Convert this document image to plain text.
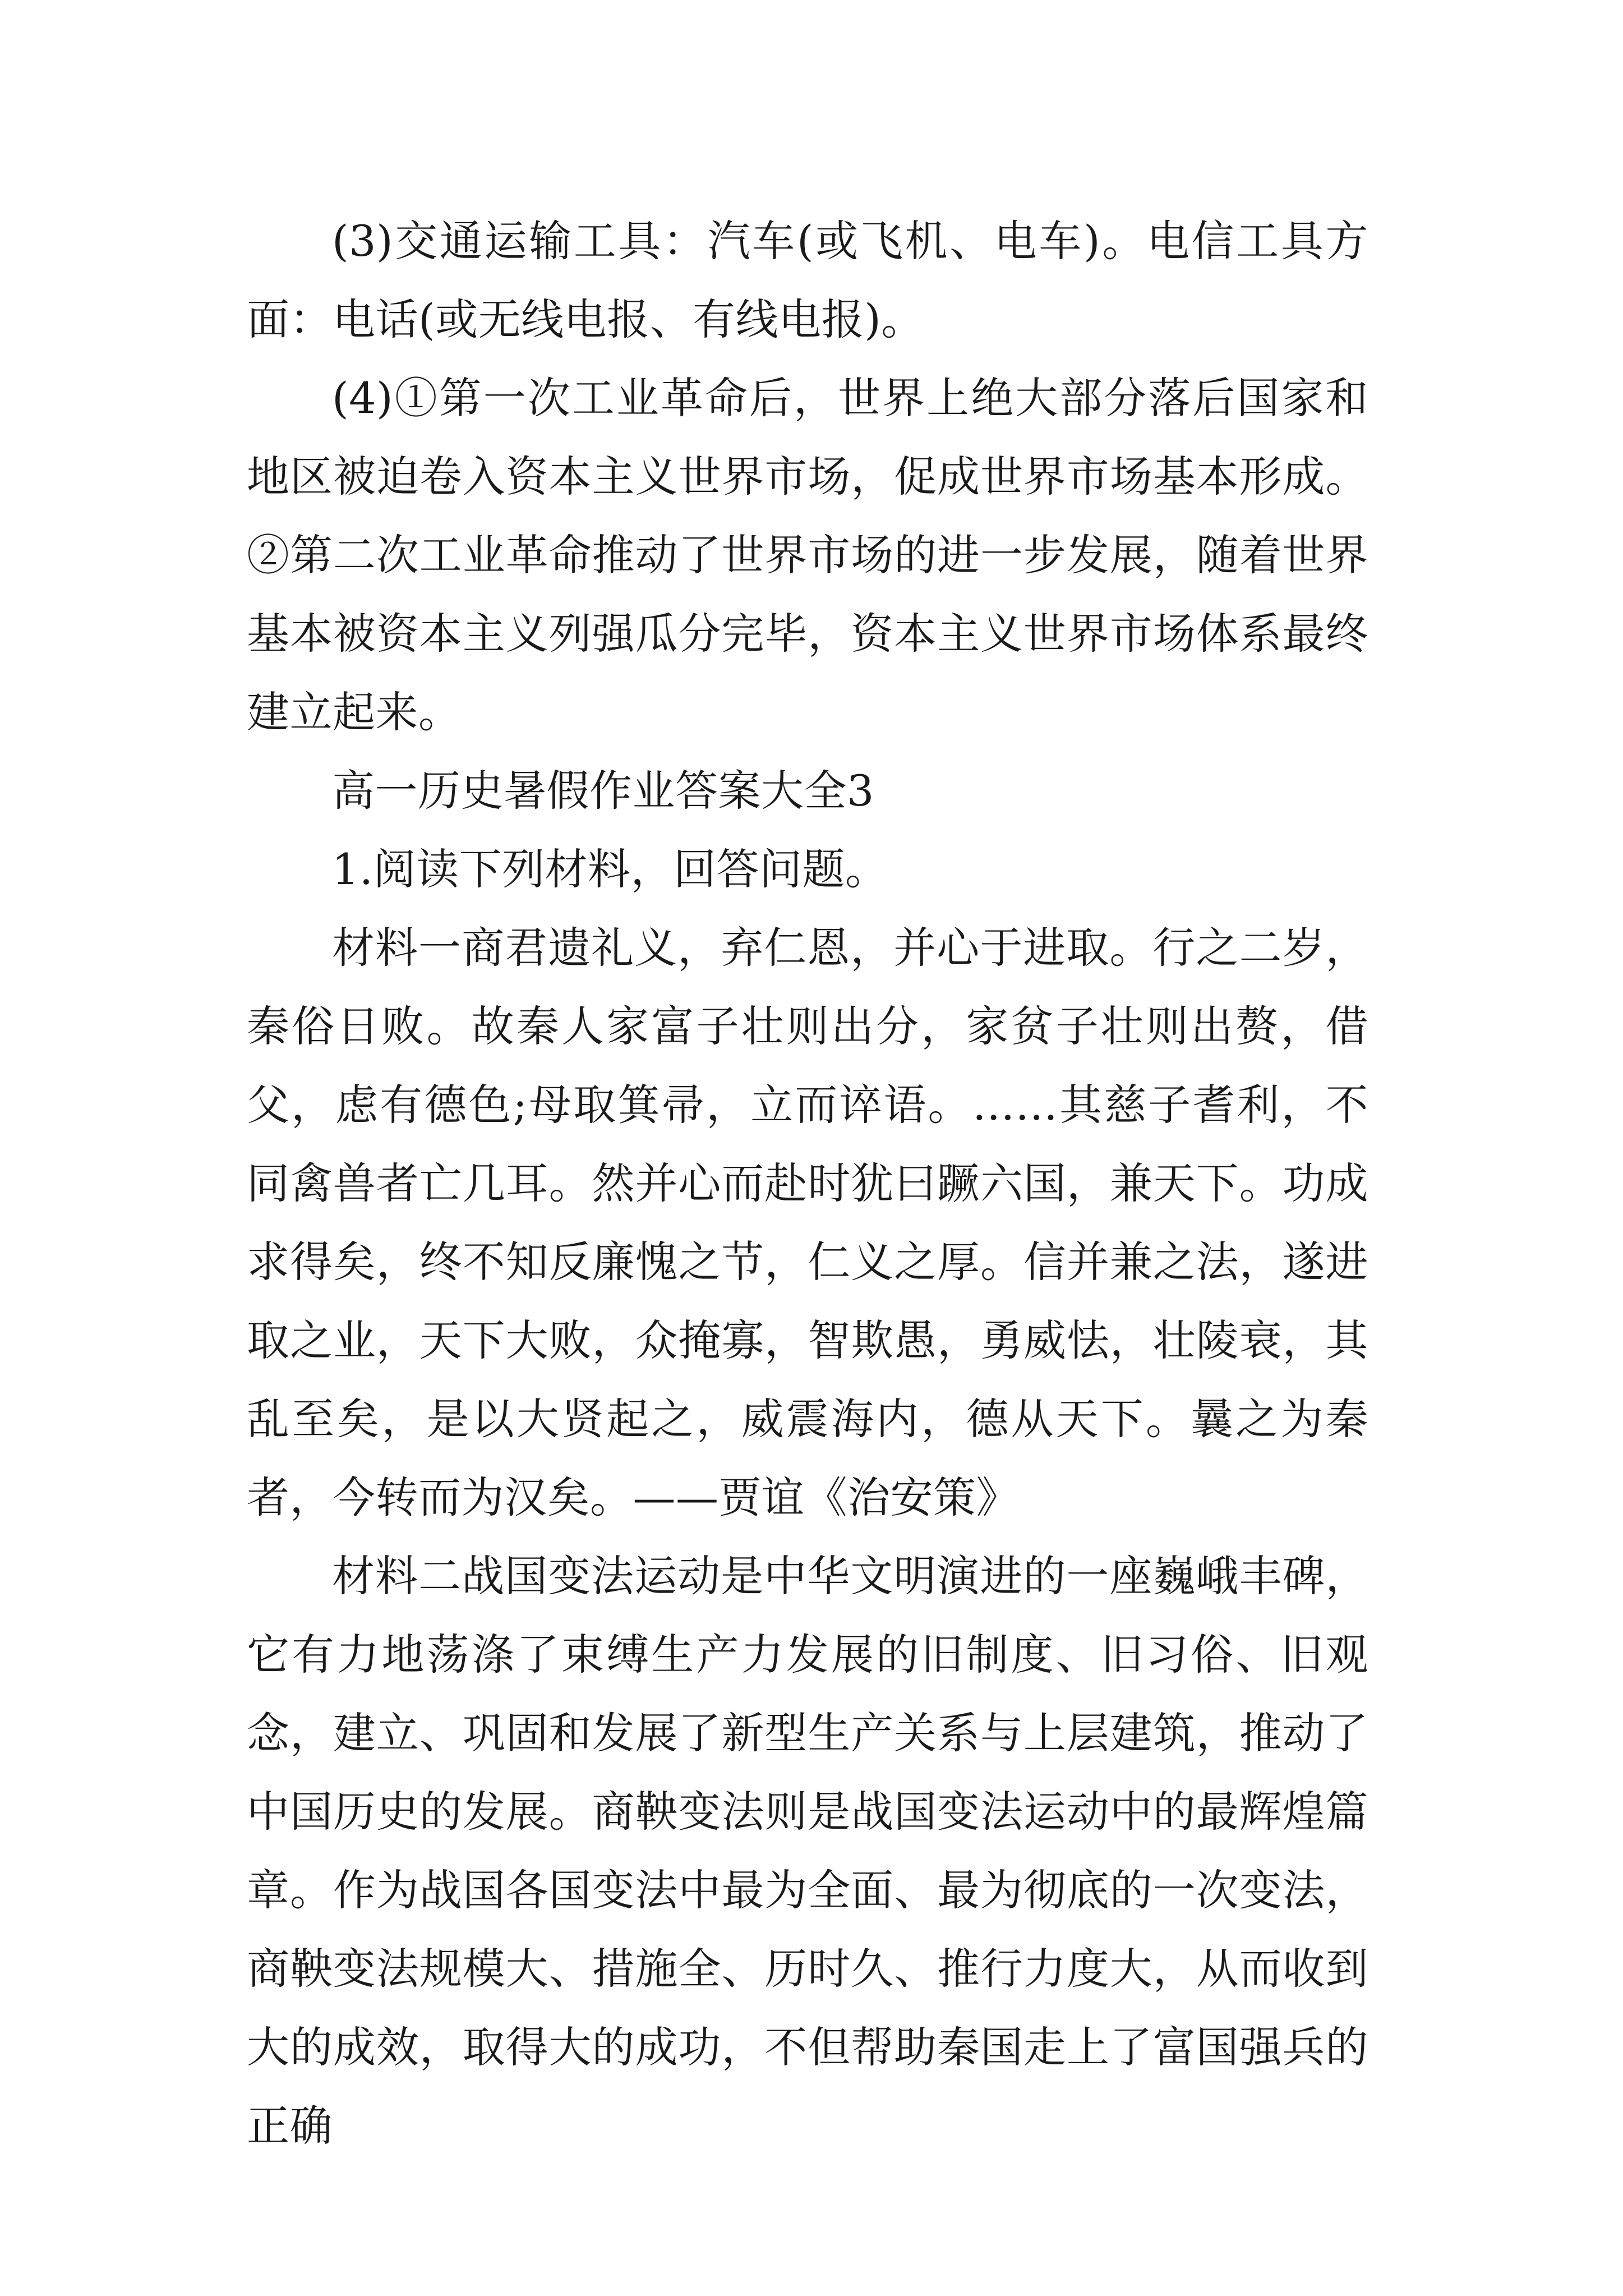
(3)交通运输工具：汽车(或飞机、电车)。电信工具方面：电话(或无线电报、有线电报)。

(4)①第一次工业革命后，世界上绝大部分落后国家和地区被迫卷入资本主义世界市场，促成世界市场基本形成。②第二次工业革命推动了世界市场的进一步发展，随着世界基本被资本主义列强瓜分完毕，资本主义世界市场体系最终建立起来。

高一历史暑假作业答案大全3

1.阅读下列材料，回答问题。

材料一商君遗礼义，弃仁恩，并心于进取。行之二岁，秦俗日败。故秦人家富子壮则出分，家贫子壮则出赘，借父，虑有德色;母取箕帚，立而谇语。……其慈子耆利，不同禽兽者亡几耳。然并心而赴时犹曰蹶六国，兼天下。功成求得矣，终不知反廉愧之节，仁义之厚。信并兼之法，遂进取之业，天下大败，众掩寡，智欺愚，勇威怯，壮陵衰，其乱至矣，是以大贤起之，威震海内，德从天下。曩之为秦者，今转而为汉矣。——贾谊《治安策》

材料二战国变法运动是中华文明演进的一座巍峨丰碑，它有力地荡涤了束缚生产力发展的旧制度、旧习俗、旧观念，建立、巩固和发展了新型生产关系与上层建筑，推动了中国历史的发展。商鞅变法则是战国变法运动中的最辉煌篇章。作为战国各国变法中最为全面、最为彻底的一次变法，商鞅变法规模大、措施全、历时久、推行力度大，从而收到大的成效，取得大的成功，不但帮助秦国走上了富国强兵的正确
